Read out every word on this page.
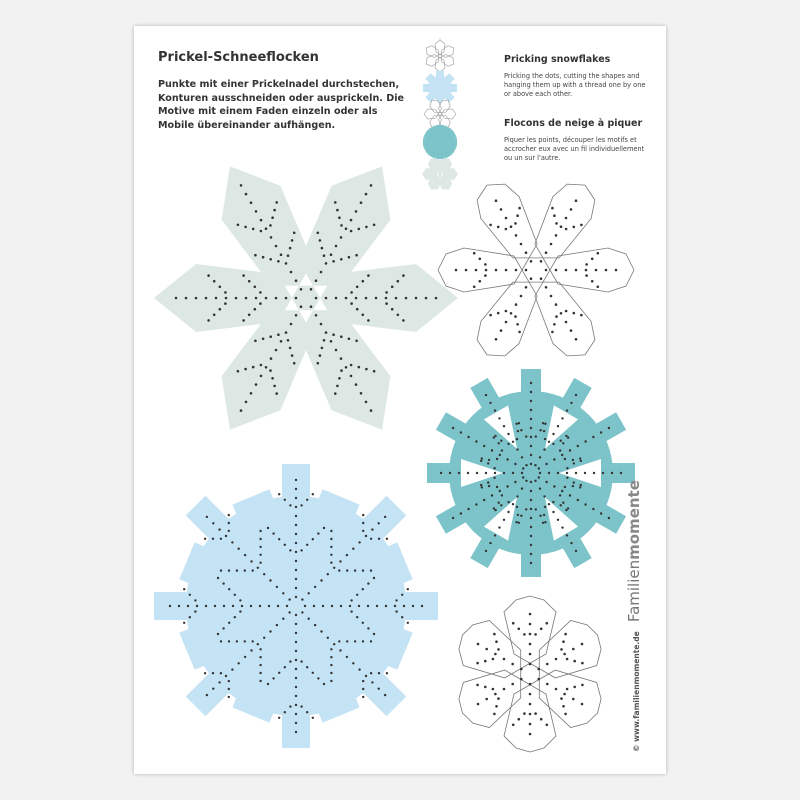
Prickel-Schneeflocken

Punkte mit einer Prickelnadel durchstechen, Konturen ausschneiden oder ausprickeln. Die Motive mit einem Faden einzeln oder als Mobile übereinander aufhängen.

Pricking snowflakes

Pricking the dots, cutting the shapes and hanging them up with a thread one by one or above each other.

Flocons de neige à piquer

Piquer les points, découper les motifs et accrocher eux avec un fil individuellement ou un sur l'autre.

© www.familienmomente.de Familienmomente
